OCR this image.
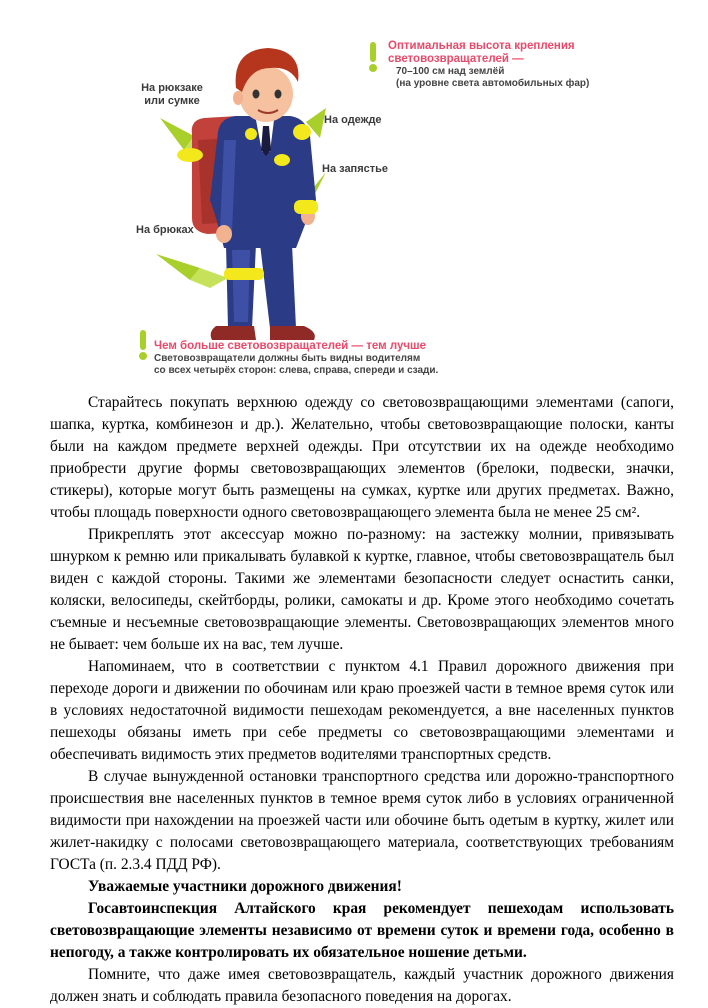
Оптимальная высота крепления
световозвращателей —
70–100 см над землёй
(на уровне света автомобильных фар)
На рюкзаке или сумке
На одежде
На запястье
На брюках
Чем больше световозвращателей — тем лучше
Световозвращатели должны быть видны водителям
со всех четырёх сторон: слева, справа, спереди и сзади.

Старайтесь покупать верхнюю одежду со световозвращающими элементами (сапоги, шапка, куртка, комбинезон и др.). Желательно, чтобы световозвращающие полоски, канты были на каждом предмете верхней одежды. При отсутствии их на одежде необходимо приобрести другие формы световозвращающих элементов (брелоки, подвески, значки, стикеры), которые могут быть размещены на сумках, куртке или других предметах. Важно, чтобы площадь поверхности одного световозвращающего элемента была не менее 25 см².

Прикреплять этот аксессуар можно по-разному: на застежку молнии, привязывать шнурком к ремню или прикалывать булавкой к куртке, главное, чтобы световозвращатель был виден с каждой стороны. Такими же элементами безопасности следует оснастить санки, коляски, велосипеды, скейтборды, ролики, самокаты и др. Кроме этого необходимо сочетать съемные и несъемные световозвращающие элементы. Световозвращающих элементов много не бывает: чем больше их на вас, тем лучше.

Напоминаем, что в соответствии с пунктом 4.1 Правил дорожного движения при переходе дороги и движении по обочинам или краю проезжей части в темное время суток или в условиях недостаточной видимости пешеходам рекомендуется, а вне населенных пунктов пешеходы обязаны иметь при себе предметы со световозвращающими элементами и обеспечивать видимость этих предметов водителями транспортных средств.

В случае вынужденной остановки транспортного средства или дорожно-транспортного происшествия вне населенных пунктов в темное время суток либо в условиях ограниченной видимости при нахождении на проезжей части или обочине быть одетым в куртку, жилет или жилет-накидку с полосами световозвращающего материала, соответствующих требованиям ГОСТа (п. 2.3.4 ПДД РФ).

Уважаемые участники дорожного движения!

Госавтоинспекция Алтайского края рекомендует пешеходам использовать световозвращающие элементы независимо от времени суток и времени года, особенно в непогоду, а также контролировать их обязательное ношение детьми.

Помните, что даже имея световозвращатель, каждый участник дорожного движения должен знать и соблюдать правила безопасного поведения на дорогах.
